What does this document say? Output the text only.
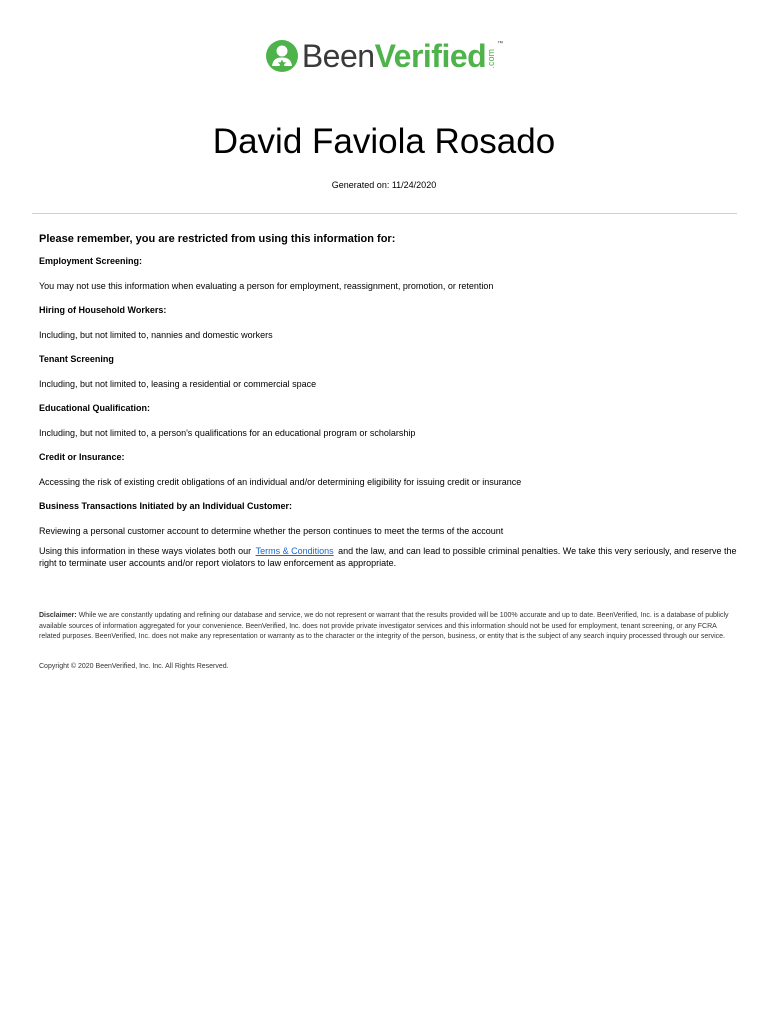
BeenVerified .com
™
David Faviola Rosado
Generated on: 11/24/2020

Please remember, you are restricted from using this information for:

Employment Screening:

You may not use this information when evaluating a person for employment, reassignment, promotion, or retention

Hiring of Household Workers:

Including, but not limited to, nannies and domestic workers

Tenant Screening

Including, but not limited to, leasing a residential or commercial space

Educational Qualification:

Including, but not limited to, a person's qualifications for an educational program or scholarship

Credit or Insurance:

Accessing the risk of existing credit obligations of an individual and/or determining eligibility for issuing credit or insurance

Business Transactions Initiated by an Individual Customer:

Reviewing a personal customer account to determine whether the person continues to meet the terms of the account

Using this information in these ways violates both our Terms & Conditions and the law, and can lead to possible criminal penalties. We take this very seriously, and reserve the right to terminate user accounts and/or report violators to law enforcement as appropriate.

Disclaimer: While we are constantly updating and refining our database and service, we do not represent or warrant that the results provided will be 100% accurate and up to date. BeenVerified, Inc. is a database of publicly available sources of information aggregated for your convenience. BeenVerified, Inc. does not provide private investigator services and this information should not be used for employment, tenant screening, or any FCRA related purposes. BeenVerified, Inc. does not make any representation or warranty as to the character or the integrity of the person, business, or entity that is the subject of any search inquiry processed through our service.
Copyright © 2020 BeenVerified, Inc. Inc. All Rights Reserved.
